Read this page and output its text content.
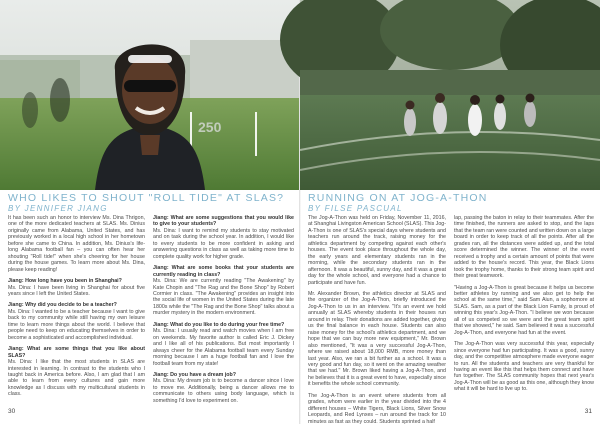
250
WHO LIKES TO SHOUT "ROLL TIDE" AT SLAS?
BY JENNIFER JIANG

It has been such an honor to interview Ms. Dina Thrigon, one of the more dedicated teachers at SLAS. Ms. Dinius originally came from Alabama, United States, and has previously worked in a local high school in her hometown before she came to China. In addition, Ms. Dinius's life-long Alabama football fan – you can often hear her shouting "Roll tide!" when she's cheering for her house during the house games. To learn more about Ms. Dina, please keep reading!

Jiang: How long have you been in Shanghai?

Ms. Dina: I have been living in Shanghai for about five years since I left the United States.

Jiang: Why did you decide to be a teacher?

Ms. Dina: I wanted to be a teacher because I want to give back to my community while still having my own leisure time to learn more things about the world. I believe that people need to keep on educating themselves in order to become a sophisticated and accomplished individual.

Jiang: What are some things that you like about SLAS?

Ms. Dina: I like that the most students in SLAS are interested in learning. In contrast to the students who I taught back in America before. Also, I am glad that I am able to learn from every cultures and gain more knowledge as I discuss with my multicultural students in class.

Jiang: What are some suggestions that you would like to give to your students?

Ms. Dina: I want to remind my students to stay motivated and on task during the school year. In addition, I would like to every students to be more confident in asking and answering questions in class as well as taking more time to complete quality work for higher grade.

Jiang: What are some books that your students are currently reading in class?

Ms. Dina: We are currently reading "The Awakening" by Kate Chopin and "The Rag and the Bone Shop" by Robert Cormier in class. "The Awakening" provides an insight into the social life of women in the United States during the late 1800s while the "The Rag and the Bone Shop" talks about a murder mystery in the modern environment.

Jiang: What do you like to do during your free time?

Ms. Dina: I usually read and watch movies when I am free on weekends. My favorite author is called Eric J. Dickey and I like all of his publications. But most importantly I always cheer for the Alabama football team every Sunday morning because I am a huge football fan and I love the football team from my state!

Jiang: Do you have a dream job?

Ms. Dina: My dream job is to become a dancer since I love to move me. Additionally, being a dancer allows me to communicate to others using body language, which is something I'd love to experiment on.

30
RUNNING ON AT JOG-A-THON
BY FILSE PASCUAL

The Jog-A-Thon was held on Friday, November 11, 2016, at Shanghai Livingston American School (SLAS). This Jog-A-Thon is one of SLAS's special days where students and teachers run around the track, raising money for the athletics department by competing against each other's houses. The event took place throughout the whole day, the early years and elementary students ran in the morning, while the secondary students ran in the afternoon. It was a beautiful, sunny day, and it was a great day for the whole school, and everyone had a chance to participate and have fun.

Mr. Alexander Brown, the athletics director at SLAS and the organizer of the Jog-A-Thon, briefly introduced the Jog-A-Thon to us in an interview. "It's an event we hold annually at SLAS whereby students in their houses run around in relay. Their donations are added together, giving us the final balance in each house. Students can also raise money for the school's athletics department, and we hope that we can buy more new equipment," Mr. Brown also mentioned, "It was a very successful Jog-A-Thon, where we raised about 18,000 RMB, more money than last year. Also, we ran a bit further as a school. It was a very good and fun day, so it went on the amazing weather that we had." Mr. Brown liked having a Jog-A-Thon, and he believes that it is a great event to have, especially since it benefits the whole school community.

The Jog-A-Thon is an event where students from all grades, whom were earlier in the year divided into the 4 different houses – White Tigers, Black Lions, Silver Snow Leopards, and Red Lynxes – run around the track for 10 minutes as fast as they could. Students sprinted a half

lap, passing the baton in relay to their teammates. After the time finished, the runners are asked to stop, and the laps that the team ran were counted and written down on a large board in order to keep track of all the points. After all the grades ran, all the distances were added up, and the total score determined the winner. The winner of the event received a trophy and a certain amount of points that were added to the house's record. This year, the Black Lions took the trophy home, thanks to their strong team spirit and their great teamwork.

"Having a Jog-A-Thon is great because it helps us become better athletes by running and we also get to help the school at the same time," said Sam Aiun, a sophomore at SLAS. Sam, as a part of the Black Lion Family, is proud of winning this year's Jog-A-Thon. "I believe we won because all of us competed so we were and the great team spirit that we showed," he said. Sam believed it was a successful Jog-A-Thon, and everyone had fun at the event.

The Jog-A-Thon was very successful this year, especially since everyone had fun participating. It was a good, sunny day, and the competitive atmosphere made everyone eager to run. All the students and teachers are very thankful for having an event like this that helps them connect and have fun together. The SLAS community hopes that next year's Jog-A-Thon will be as good as this one, although they know what it will be hard to live up to.

31
